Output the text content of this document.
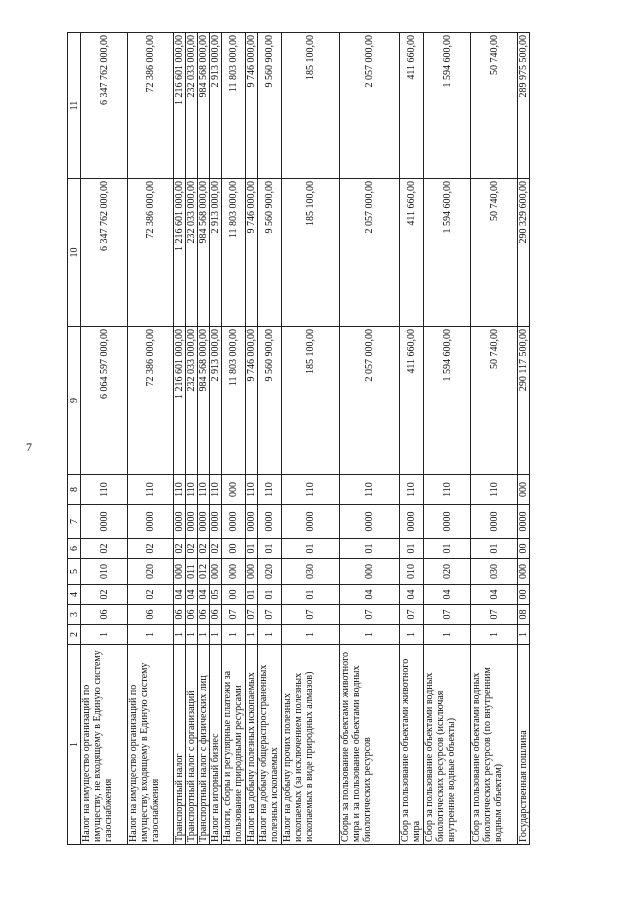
7
1	2	3	4	5	6	7	8	9	10	11
Налог на имущество организаций по имуществу, не входящему в Единую систему газоснабжения	1	06	02	010	02	0000	110	6 064 597 000,00	6 347 762 000,00	6 347 762 000,00
Налог на имущество организаций по имуществу, входящему в Единую систему газоснабжения	1	06	02	020	02	0000	110	72 386 000,00	72 386 000,00	72 386 000,00
Транспортный налог	1	06	04	000	02	0000	110	1 216 601 000,00	1 216 601 000,00	1 216 601 000,00
Транспортный налог с организаций	1	06	04	011	02	0000	110	232 033 000,00	232 033 000,00	232 033 000,00
Транспортный налог с физических лиц	1	06	04	012	02	0000	110	984 568 000,00	984 568 000,00	984 568 000,00
Налог на игорный бизнес	1	06	05	000	02	0000	110	2 913 000,00	2 913 000,00	2 913 000,00
Налоги, сборы и регулярные платежи за пользование природными ресурсами	1	07	00	000	00	0000	000	11 803 000,00	11 803 000,00	11 803 000,00
Налог на добычу полезных ископаемых	1	07	01	000	01	0000	110	9 746 000,00	9 746 000,00	9 746 000,00
Налог на добычу общераспространенных полезных ископаемых	1	07	01	020	01	0000	110	9 560 900,00	9 560 900,00	9 560 900,00
Налог на добычу прочих полезных ископаемых (за исключением полезных ископаемых в виде природных алмазов)	1	07	01	030	01	0000	110	185 100,00	185 100,00	185 100,00
Сборы за пользование объектами животного мира и за пользование объектами водных биологических ресурсов	1	07	04	000	01	0000	110	2 057 000,00	2 057 000,00	2 057 000,00
Сбор за пользование объектами животного мира	1	07	04	010	01	0000	110	411 660,00	411 660,00	411 660,00
Сбор за пользование объектами водных биологических ресурсов (исключая внутренние водные объекты)	1	07	04	020	01	0000	110	1 594 600,00	1 594 600,00	1 594 600,00
Сбор за пользование объектами водных биологических ресурсов (по внутренним водным объектам)	1	07	04	030	01	0000	110	50 740,00	50 740,00	50 740,00
Государственная пошлина	1	08	00	000	00	0000	000	290 117 500,00	290 329 600,00	289 975 500,00
